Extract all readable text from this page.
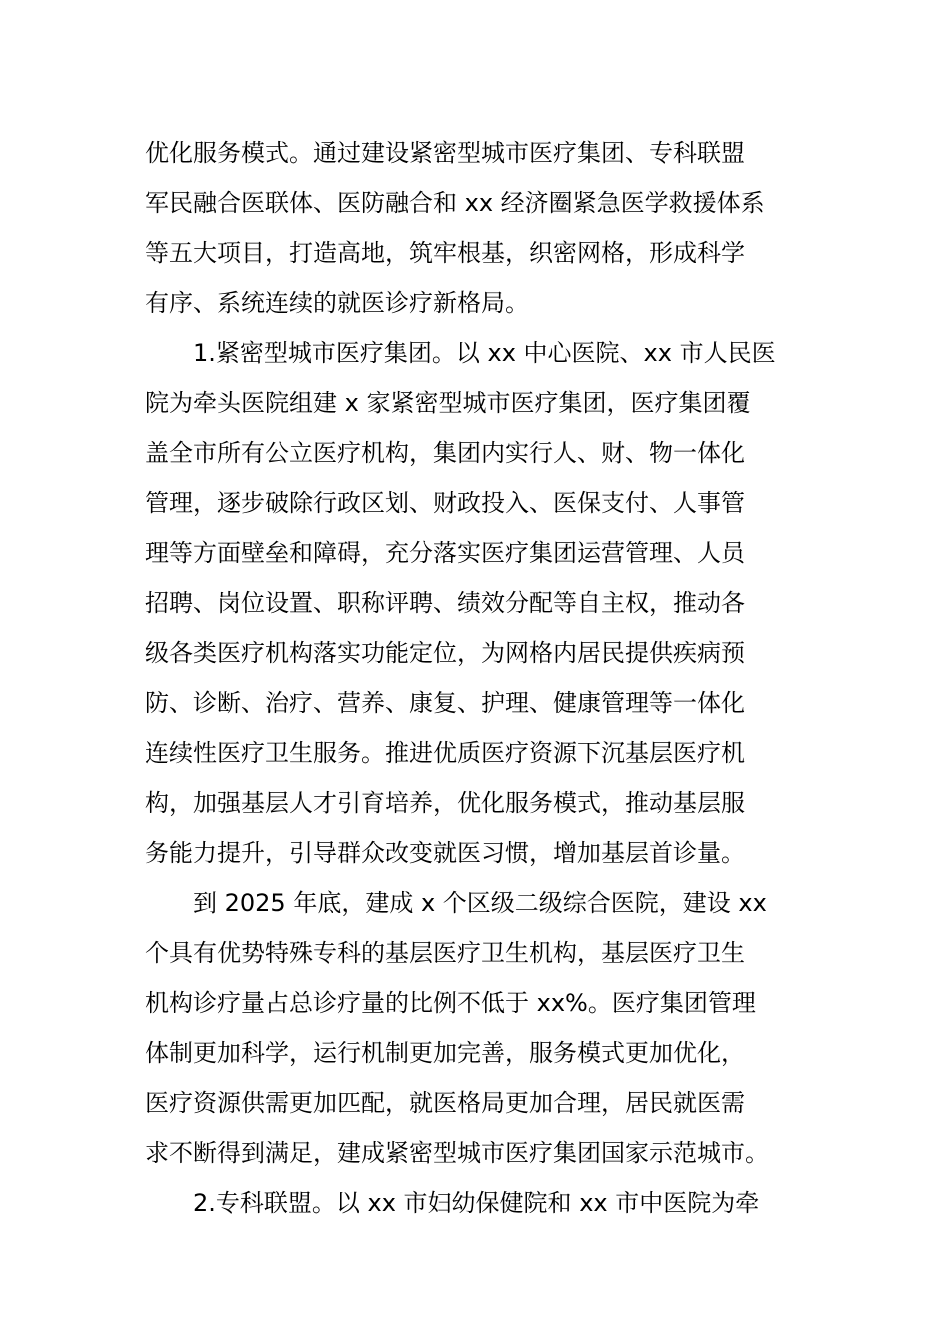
优化服务模式。通过建设紧密型城市医疗集团、专科联盟
军民融合医联体、医防融合和 xx 经济圈紧急医学救援体系
等五大项目，打造高地，筑牢根基，织密网格，形成科学
有序、系统连续的就医诊疗新格局。
　　1.紧密型城市医疗集团。以 xx 中心医院、xx 市人民医
院为牵头医院组建 x 家紧密型城市医疗集团，医疗集团覆
盖全市所有公立医疗机构，集团内实行人、财、物一体化
管理，逐步破除行政区划、财政投入、医保支付、人事管
理等方面壁垒和障碍，充分落实医疗集团运营管理、人员
招聘、岗位设置、职称评聘、绩效分配等自主权，推动各
级各类医疗机构落实功能定位，为网格内居民提供疾病预
防、诊断、治疗、营养、康复、护理、健康管理等一体化
连续性医疗卫生服务。推进优质医疗资源下沉基层医疗机
构，加强基层人才引育培养，优化服务模式，推动基层服
务能力提升，引导群众改变就医习惯，增加基层首诊量。
　　到 2025 年底，建成 x 个区级二级综合医院，建设 xx
个具有优势特殊专科的基层医疗卫生机构，基层医疗卫生
机构诊疗量占总诊疗量的比例不低于 xx%。医疗集团管理
体制更加科学，运行机制更加完善，服务模式更加优化，
医疗资源供需更加匹配，就医格局更加合理，居民就医需
求不断得到满足，建成紧密型城市医疗集团国家示范城市。
　　2.专科联盟。以 xx 市妇幼保健院和 xx 市中医院为牵
